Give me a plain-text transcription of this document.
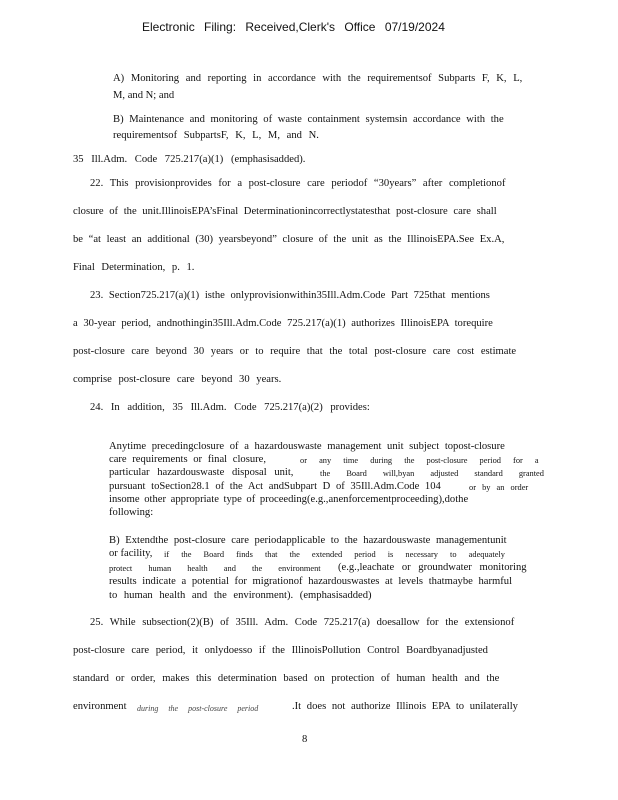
Electronic Filing: Received,Clerk's Office 07/19/2024
A) Monitoring and reporting in accordance with the requirementsof Subparts F, K, L,
M, and N; and
B) Maintenance and monitoring of waste containment systemsin accordance with the
requirementsof SubpartsF, K, L, M, and N.
35 Ill.Adm. Code 725.217(a)(1) (emphasisadded).
22. This provisionprovides for a post-closure care periodof “30years” after completionof
closure of the unit.IllinoisEPA’sFinal Determinationincorrectlystatesthat post-closure care shall
be “at least an additional (30) yearsbeyond” closure of the unit as the IllinoisEPA.See Ex.A,
Final Determination, p. 1.
23. Section725.217(a)(1) isthe onlyprovisionwithin35Ill.Adm.Code Part 725that mentions
a 30-year period, andnothingin35Ill.Adm.Code 725.217(a)(1) authorizes IllinoisEPA torequire
post-closure care beyond 30 years or to require that the total post-closure care cost estimate
comprise post-closure care beyond 30 years.
24. In addition, 35 Ill.Adm. Code 725.217(a)(2) provides:
Anytime precedingclosure of a hazardouswaste management unit subject topost-closure
care requirements or final closure,	or any time during the post-closure period for a
particular hazardouswaste disposal unit,	the Board will,byan adjusted standard granted
pursuant toSection28.1 of the Act andSubpart D of 35Ill.Adm.Code 104	or by an order
insome other appropriate type of proceeding(e.g.,anenforcementproceeding),dothe
following:
B) Extendthe post-closure care periodapplicable to the hazardouswaste managementunit
or facility, if the Board finds that the extended period is necessary to adequately
protect human health and the environment (e.g.,leachate or groundwater monitoring
results indicate a potential for migrationof hazardouswastes at levels thatmaybe harmful
to human health and the environment). (emphasisadded)
25. While subsection(2)(B) of 35Ill. Adm. Code 725.217(a) doesallow for the extensionof
post-closure care period, it onlydoesso if the IllinoisPollution Control Boardbyanadjusted
standard or order, makes this determination based on protection of human health and the
environment during the post-closure period	.It does not authorize Illinois EPA to unilaterally
8
